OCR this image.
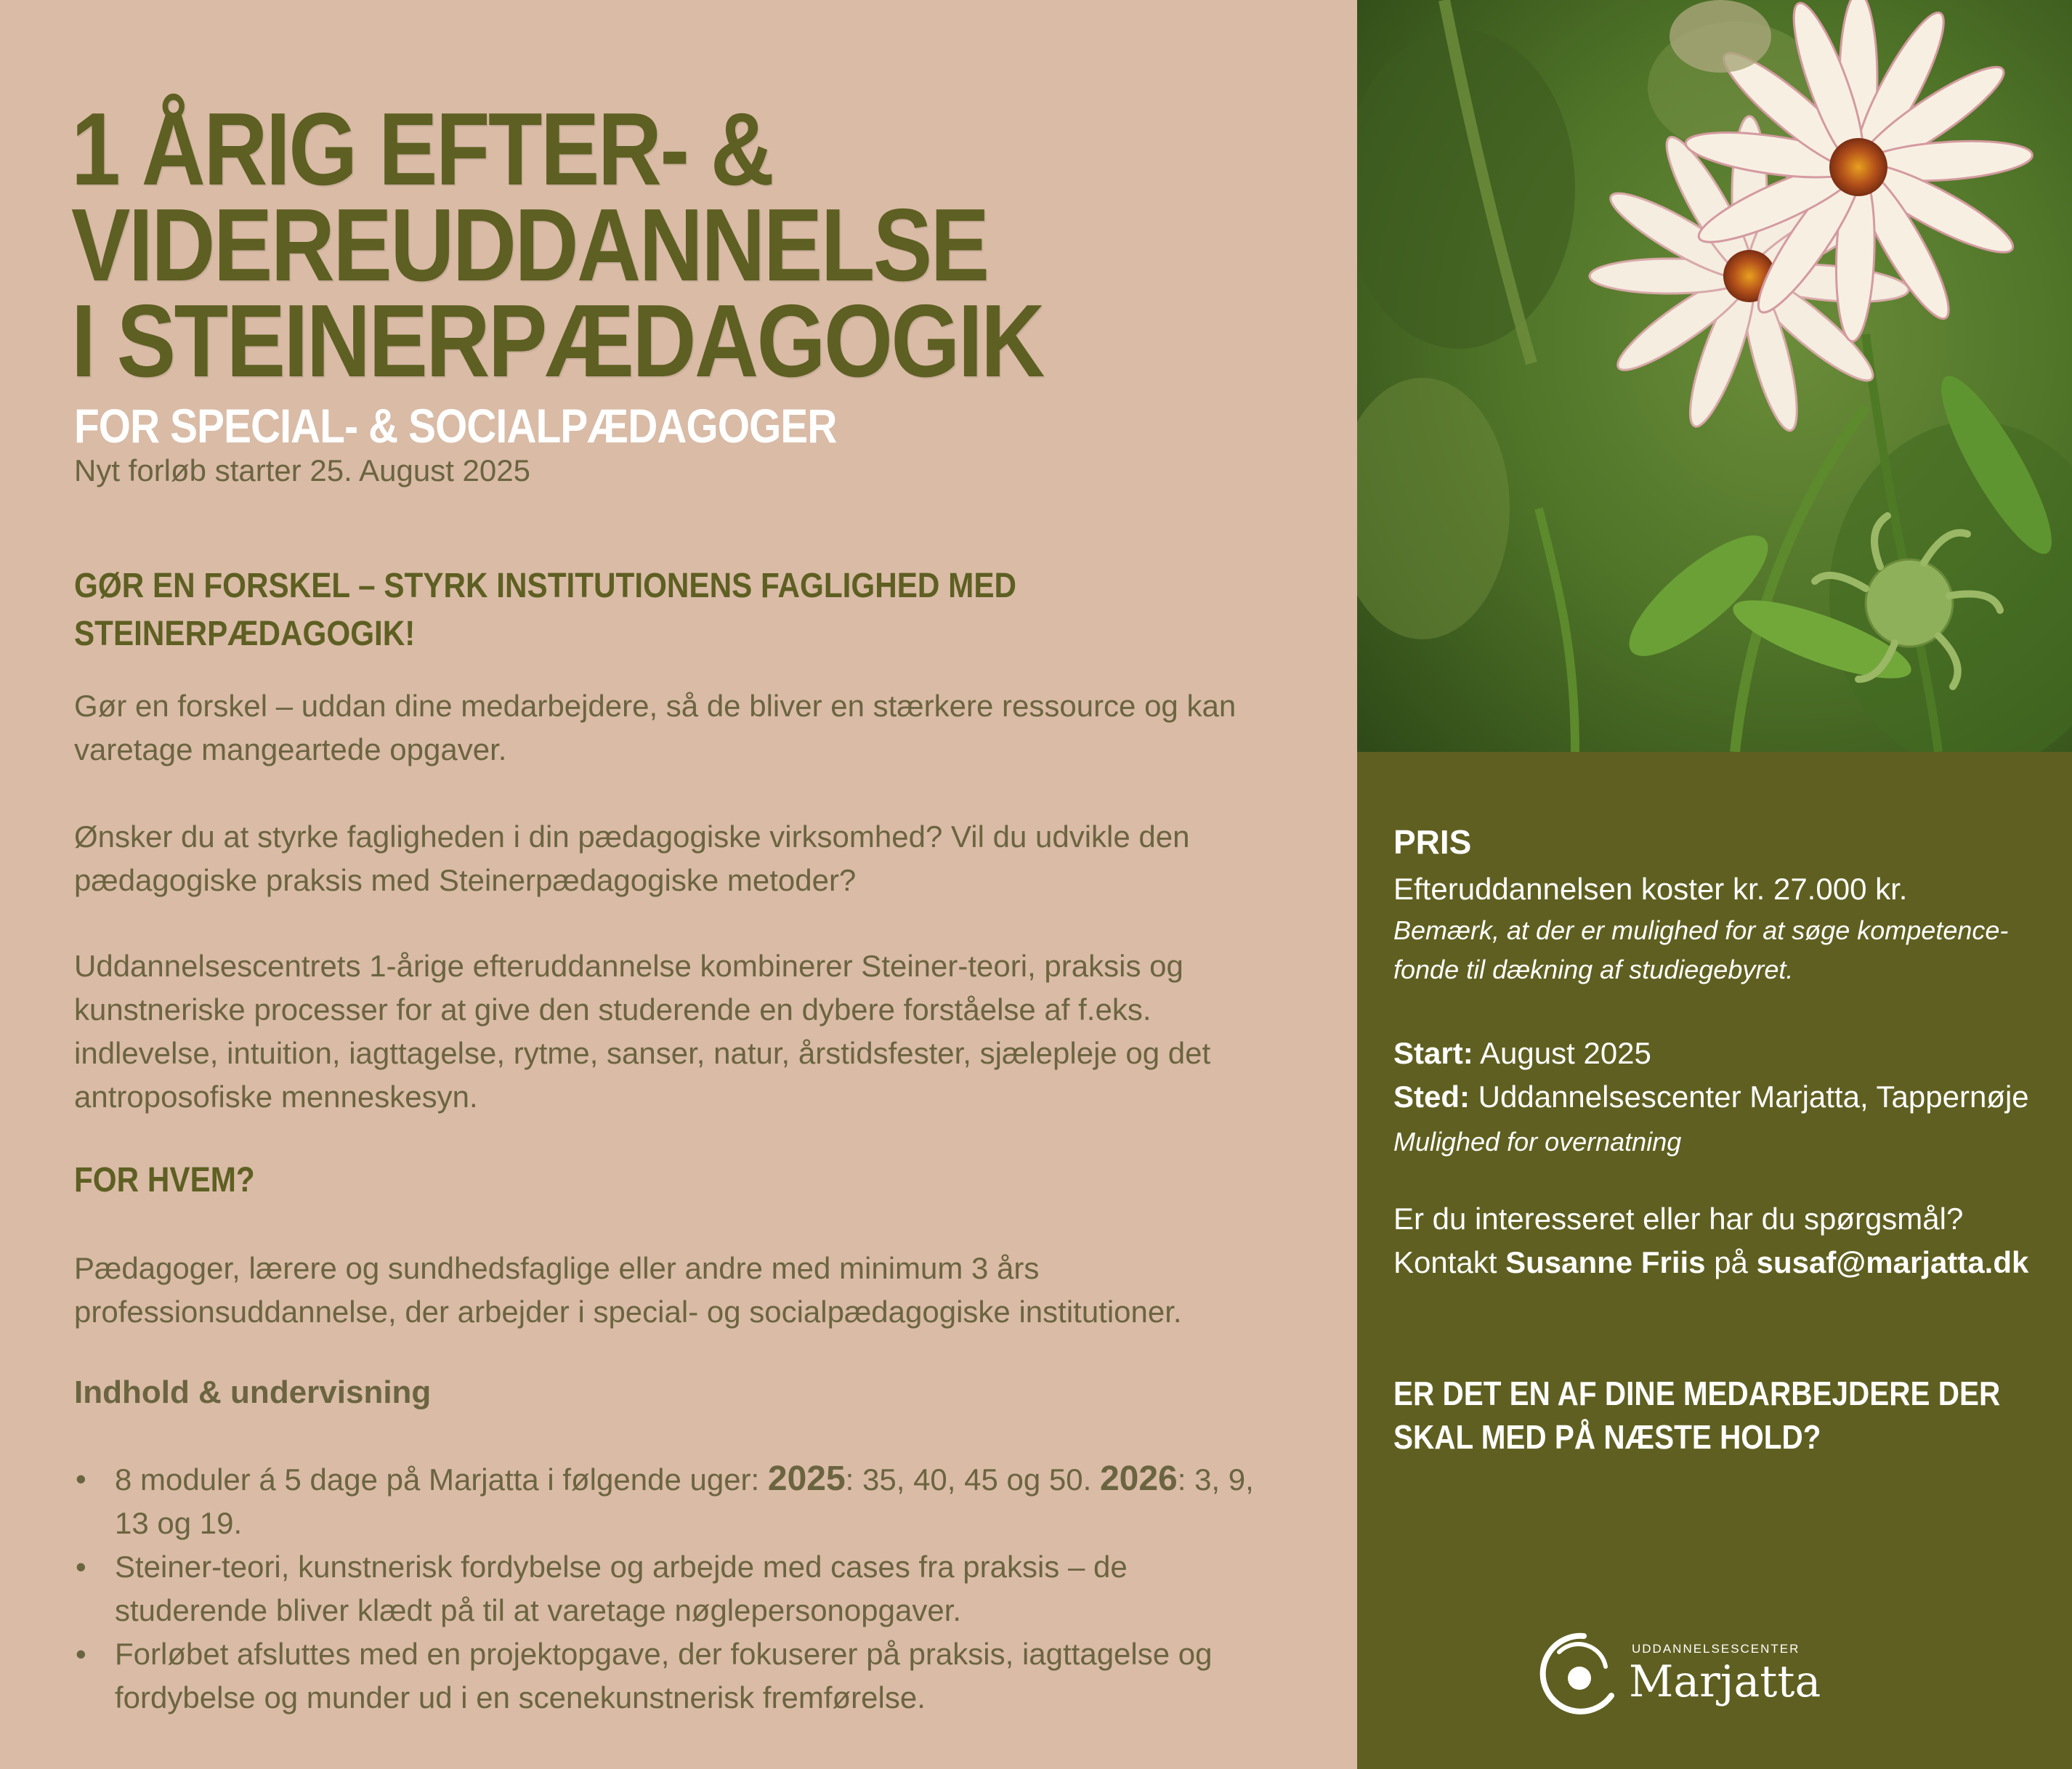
1 ÅRIG EFTER- &
VIDEREUDDANNELSE
I STEINERPÆDAGOGIK
FOR SPECIAL- & SOCIALPÆDAGOGER
Nyt forløb starter 25. August 2025
GØR EN FORSKEL – STYRK INSTITUTIONENS FAGLIGHED MED
STEINERPÆDAGOGIK!

Gør en forskel – uddan dine medarbejdere, så de bliver en stærkere ressource og kan varetage mangeartede opgaver.

Ønsker du at styrke fagligheden i din pædagogiske virksomhed? Vil du udvikle den pædagogiske praksis med Steinerpædagogiske metoder?

Uddannelsescentrets 1-årige efteruddannelse kombinerer Steiner-teori, praksis og kunstneriske processer for at give den studerende en dybere forståelse af f.eks. indlevelse, intuition, iagttagelse, rytme, sanser, natur, årstidsfester, sjælepleje og det antroposofiske menneskesyn.

FOR HVEM?

Pædagoger, lærere og sundhedsfaglige eller andre med minimum 3 års professionsuddannelse, der arbejder i special- og socialpædagogiske institutioner.

Indhold & undervisning
• 8 moduler á 5 dage på Marjatta i følgende uger: 2025: 35, 40, 45 og 50. 2026: 3, 9, 13 og 19.
• Steiner-teori, kunstnerisk fordybelse og arbejde med cases fra praksis – de studerende bliver klædt på til at varetage nøglepersonopgaver.
• Forløbet afsluttes med en projektopgave, der fokuserer på praksis, iagttagelse og fordybelse og munder ud i en scenekunstnerisk fremførelse.
PRIS
Efteruddannelsen koster kr. 27.000 kr.
Bemærk, at der er mulighed for at søge kompetence-fonde til dækning af studiegebyret.
Start: August 2025
Sted: Uddannelsescenter Marjatta, Tappernøje
Mulighed for overnatning
Er du interesseret eller har du spørgsmål?
Kontakt Susanne Friis på susaf@marjatta.dk
ER DET EN AF DINE MEDARBEJDERE DER
SKAL MED PÅ NÆSTE HOLD?
UDDANNELSESCENTER
Marjatta
